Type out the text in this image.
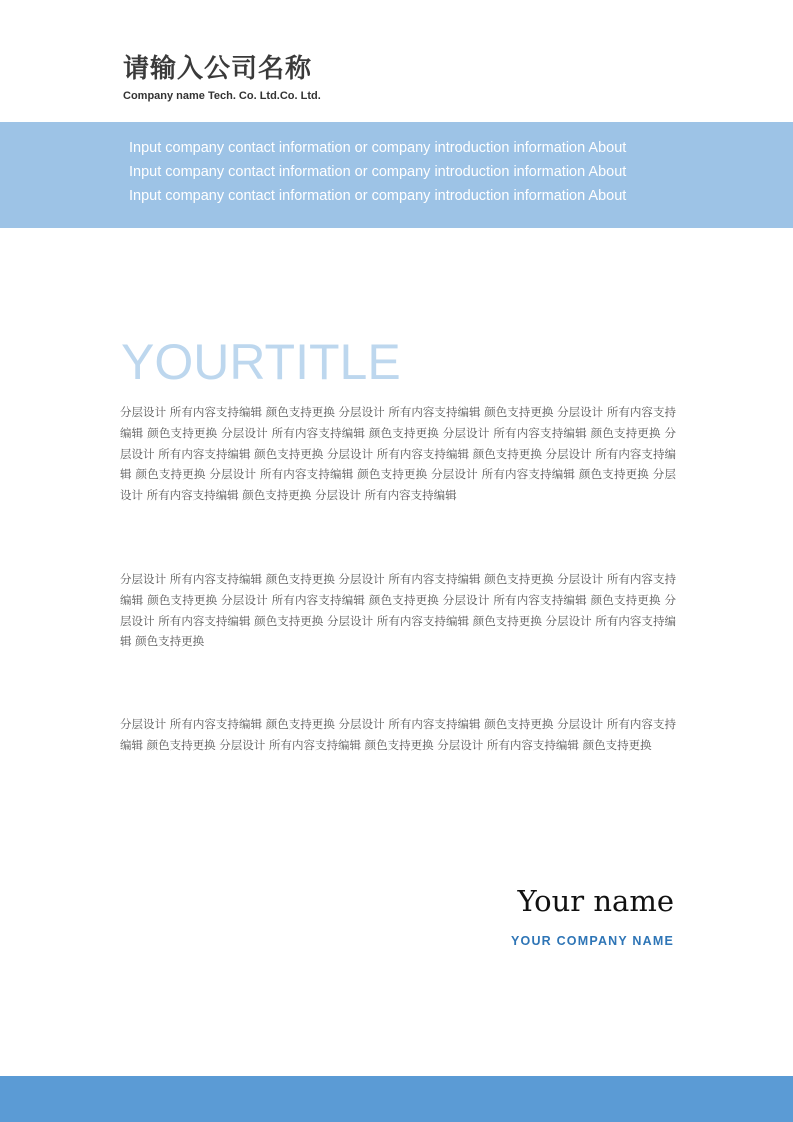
请输入公司名称
Company name Tech. Co. Ltd.Co. Ltd.
Input company contact information or company introduction information About
Input company contact information or company introduction information About
Input company contact information or company introduction information About
YOURTITLE
分层设计 所有内容支持编辑 颜色支持更换 分层设计 所有内容支持编辑 颜色支持更换 分层设计 所有内容支持编辑 颜色支持更换 分层设计 所有内容支持编辑 颜色支持更换 分层设计 所有内容支持编辑 颜色支持更换 分层设计 所有内容支持编辑 颜色支持更换 分层设计 所有内容支持编辑 颜色支持更换 分层设计 所有内容支持编辑 颜色支持更换 分层设计 所有内容支持编辑 颜色支持更换 分层设计 所有内容支持编辑 颜色支持更换 分层设计 所有内容支持编辑 颜色支持更换 分层设计 所有内容支持编辑
分层设计 所有内容支持编辑 颜色支持更换 分层设计 所有内容支持编辑 颜色支持更换 分层设计 所有内容支持编辑 颜色支持更换 分层设计 所有内容支持编辑 颜色支持更换 分层设计 所有内容支持编辑 颜色支持更换 分层设计 所有内容支持编辑 颜色支持更换 分层设计 所有内容支持编辑 颜色支持更换 分层设计 所有内容支持编辑 颜色支持更换
分层设计 所有内容支持编辑 颜色支持更换 分层设计 所有内容支持编辑 颜色支持更换 分层设计 所有内容支持编辑 颜色支持更换 分层设计 所有内容支持编辑 颜色支持更换 分层设计 所有内容支持编辑 颜色支持更换
Your name
YOUR COMPANY NAME
